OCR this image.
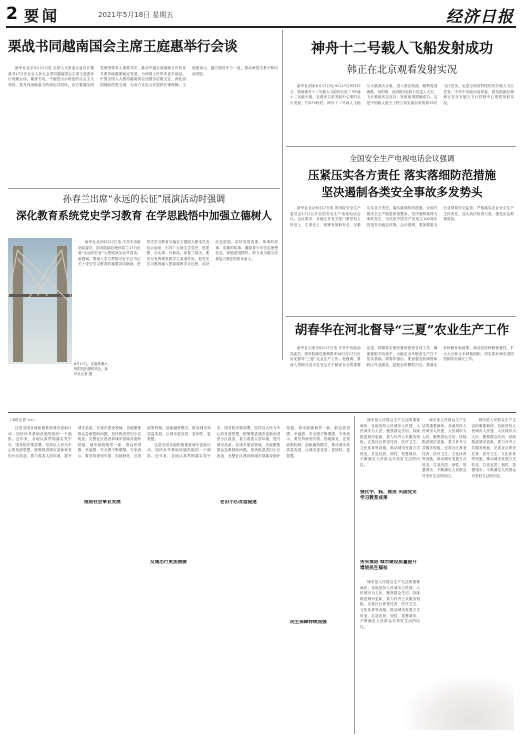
2 要闻	2021年5月18日 星期五	经济日报
栗战书同越南国会主席王庭惠举行会谈

新华社北京5月17日电 全国人大常委会委员长栗战书17日在北京人民大会堂同越南国会主席王庭惠举行视频会谈。栗战书说，中越是山水相连的社会主义邻邦，是具有战略意义的命运共同体。双方要落实两党两国领导人重要共识，推动中越全面战略合作伙伴关系持续健康稳定发展，为两国人民带来更多福祉。中国全国人大愿同越南国会加强各层级交往，深化治国理政经验交流，为双方务实合作提供法律保障。王庭惠表示，越方愿同中方一道，推动两国关系不断向前发展。

神舟十二号载人飞船发射成功
韩正在北京观看发射实况

新华社酒泉6月17日电 6月17日9时22分，搭载神舟十二号载人飞船的长征二号F遥十二运载火箭，在酒泉卫星发射中心准时点火发射，约573秒后，神舟十二号载人飞船与火箭成功分离，进入预定轨道，顺利将聂海胜、刘伯明、汤洪波3名航天员送入太空，飞行乘组状态良好，发射取得圆满成功。这是中国载人航天工程立项实施以来的第19次飞行任务，也是空间站阶段的首次载人飞行任务。中共中央政治局常委、国务院副总理韩正在北京航天飞行控制中心观看发射实况。

全国安全生产电视电话会议强调
压紧压实各方责任 落实落细防范措施
坚决遏制各类安全事故多发势头

新华社北京6月17日电 国务院安全生产委员会17日召开全国安全生产电视电话会议。会议要求，各地区各有关部门要坚持人民至上、生命至上，统筹发展和安全，压紧压实各方责任，落实落细防范措施，全面开展安全生产隐患排查整治，坚决遏制重特大事故发生，为庆祝中国共产党成立100周年营造安全稳定环境。会议强调，要加强重点行业领域安全监管，严格落实企业安全生产主体责任，加大执法检查力度，强化应急救援准备。

孙春兰出席“永远的长征”展演活动时强调
深化教育系统党史学习教育 在学思践悟中加强立德树人
6月17日，在港珠澳大桥附近拍摄的风光。新华社记者 摄

新华社北京6月17日电 中共中央政治局委员、国务院副总理孙春兰17日出席“永远的长征”大型展演活动并讲话。她强调，要深入学习贯彻习近平总书记关于党史学习教育的重要讲话精神，把党史学习教育与落实立德树人根本任务结合起来，引导广大师生学党史、悟思想、办实事、开新局。孙春兰指出，要充分发挥课堂教学主渠道作用，把党史学习教育融入思政课教学全过程，用好红色资源，讲好党的故事、革命的故事、英雄的故事，激励青少年坚定理想信念，厚植爱国情怀，努力成为堪当民族复兴重任的时代新人。

胡春华在河北督导“三夏”农业生产工作

新华社石家庄6月17日电 中共中央政治局委员、国务院副总理胡春华16日至17日在河北督导“三夏”农业生产工作。他强调，要深入贯彻习近平总书记关于粮食安全的重要论述，抓紧抓实夏收夏种夏管各项工作，确保夏粮丰收到手，为稳定全年粮食生产打下坚实基础。胡春华指出，要加强农机调度和跨区作业服务，抢抓农时颗粒归仓；要落实好种粮补贴政策，调动农民种粮积极性，扩大大豆和玉米种植面积，切实抓好病虫害防控和防灾减灾工作。

（本报记者 ××）

这是全国各地积极推进城市更新行动、加快补齐基础设施短板的一个缩影。近年来，各地认真贯彻落实党中央、国务院决策部署，坚持以人民为中心的发展思想，统筹推进城市更新和老旧小区改造，着力改善人居环境，提升城市品质。在城乡建设领域，各地聚焦群众急难愁盼问题，加快推进老旧小区改造、完整社区建设和城市基础设施补短板，城市面貌焕然一新，群众获得感、幸福感、安全感不断增强。专家表示，要坚持规划引领、因地制宜，完善政策机制，创新融资模式，推动城市高质量发展，让城市更宜居、更韧性、更智慧。

这是全国各地积极推进城市更新行动、加快补齐基础设施短板的一个缩影。近年来，各地认真贯彻落实党中央、国务院决策部署，坚持以人民为中心的发展思想，统筹推进城市更新和老旧小区改造，着力改善人居环境，提升城市品质。在城乡建设领域，各地聚焦群众急难愁盼问题，加快推进老旧小区改造、完整社区建设和城市基础设施补短板，城市面貌焕然一新，群众获得感、幸福感、安全感不断增强。专家表示，要坚持规划引领、因地制宜，完善政策机制，创新融资模式，推动城市高质量发展，让城市更宜居、更韧性、更智慧。

推进社会事业发展
交通出行更加便捷
老旧小区改造提速
民生保障持续加强
强化学、践、推进 巩固党史学习教育成果
务实推进 城市建设质量提升 增进民生福祉

城市是人民群众生产生活的重要载体。各地坚持人民城市人民建、人民城市为人民，聚焦群众关切，持续推进城市更新，着力补齐公共服务短板，完善社区养老托育、医疗卫生、文化体育等设施，推动城市发展方式转变，打造宜居、韧性、智慧城市，不断满足人民群众对美好生活的向往。

城市是人民群众生产生活的重要载体。各地坚持人民城市人民建、人民城市为人民，聚焦群众关切，持续推进城市更新，着力补齐公共服务短板，完善社区养老托育、医疗卫生、文化体育等设施，推动城市发展方式转变，打造宜居、韧性、智慧城市，不断满足人民群众对美好生活的向往。

城市是人民群众生产生活的重要载体。各地坚持人民城市人民建、人民城市为人民，聚焦群众关切，持续推进城市更新，着力补齐公共服务短板，完善社区养老托育、医疗卫生、文化体育等设施，推动城市发展方式转变，打造宜居、韧性、智慧城市，不断满足人民群众对美好生活的向往。

城市是人民群众生产生活的重要载体。各地坚持人民城市人民建、人民城市为人民，聚焦群众关切，持续推进城市更新，着力补齐公共服务短板，完善社区养老托育、医疗卫生、文化体育等设施，推动城市发展方式转变，打造宜居、韧性、智慧城市，不断满足人民群众对美好生活的向往。
